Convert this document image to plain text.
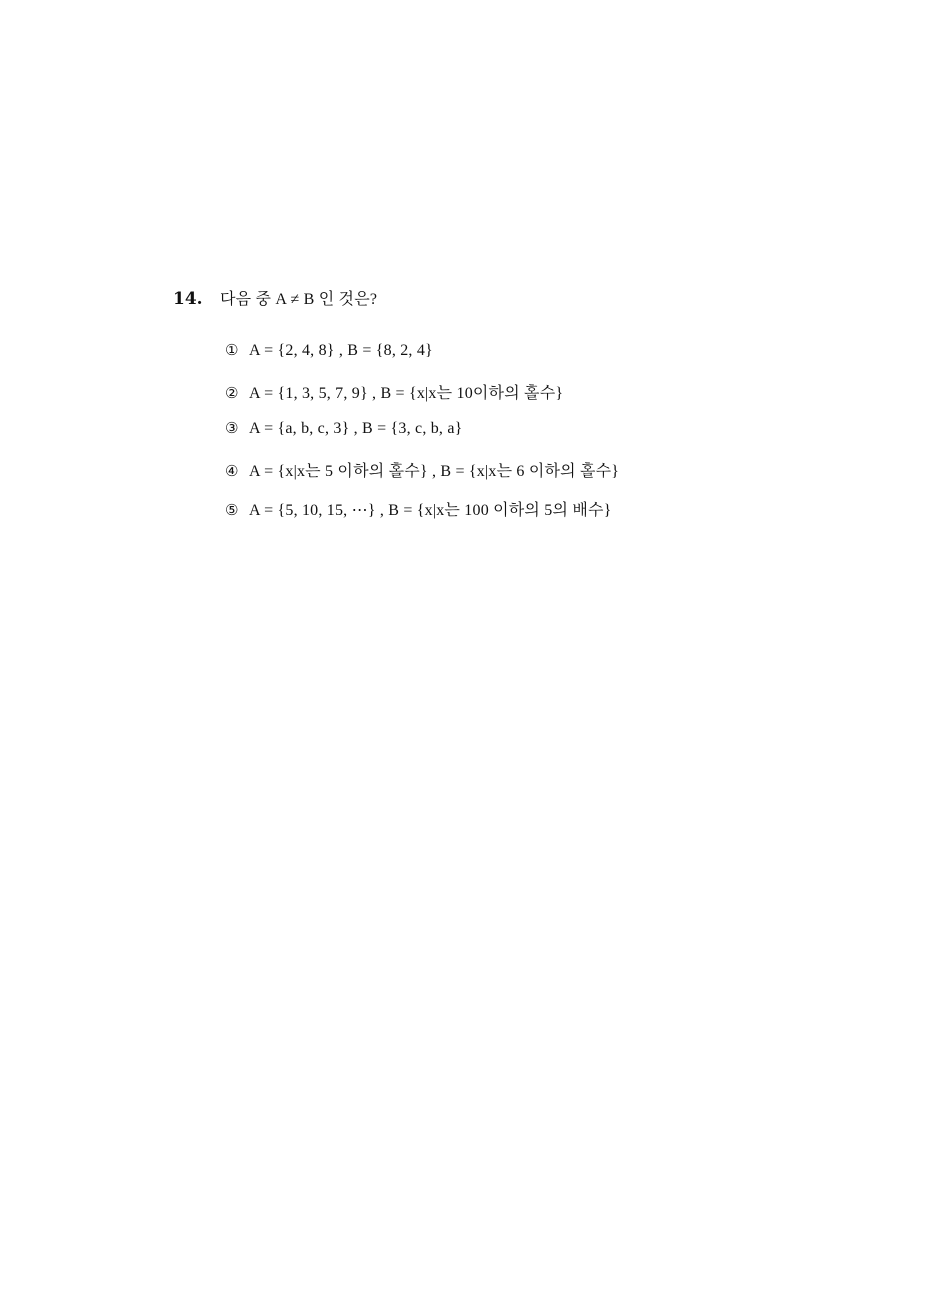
14.	다음 중 A ≠ B 인 것은?
① A = {2, 4, 8} , B = {8, 2, 4}
② A = {1, 3, 5, 7, 9} , B = {x|x는 10이하의 홀수}
③ A = {a, b, c, 3} , B = {3, c, b, a}
④ A = {x|x는 5 이하의 홀수} , B = {x|x는 6 이하의 홀수}
⑤ A = {5, 10, 15, ⋯} , B = {x|x는 100 이하의 5의 배수}
